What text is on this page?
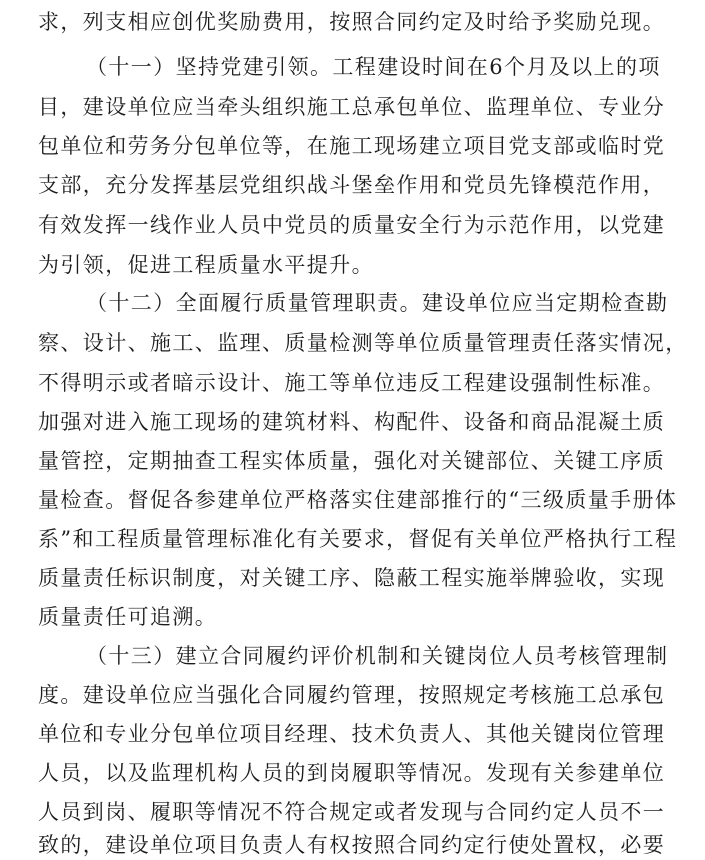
求，列支相应创优奖励费用，按照合同约定及时给予奖励兑现。
（十一）坚持党建引领。工程建设时间在6个月及以上的项
目，建设单位应当牵头组织施工总承包单位、监理单位、专业分
包单位和劳务分包单位等，在施工现场建立项目党支部或临时党
支部，充分发挥基层党组织战斗堡垒作用和党员先锋模范作用，
有效发挥一线作业人员中党员的质量安全行为示范作用，以党建
为引领，促进工程质量水平提升。
（十二）全面履行质量管理职责。建设单位应当定期检查勘
察、设计、施工、监理、质量检测等单位质量管理责任落实情况，
不得明示或者暗示设计、施工等单位违反工程建设强制性标准。
加强对进入施工现场的建筑材料、构配件、设备和商品混凝土质
量管控，定期抽查工程实体质量，强化对关键部位、关键工序质
量检查。督促各参建单位严格落实住建部推行的“三级质量手册体
系”和工程质量管理标准化有关要求，督促有关单位严格执行工程
质量责任标识制度，对关键工序、隐蔽工程实施举牌验收，实现
质量责任可追溯。
（十三）建立合同履约评价机制和关键岗位人员考核管理制
度。建设单位应当强化合同履约管理，按照规定考核施工总承包
单位和专业分包单位项目经理、技术负责人、其他关键岗位管理
人员，以及监理机构人员的到岗履职等情况。发现有关参建单位
人员到岗、履职等情况不符合规定或者发现与合同约定人员不一
致的，建设单位项目负责人有权按照合同约定行使处置权，必要
